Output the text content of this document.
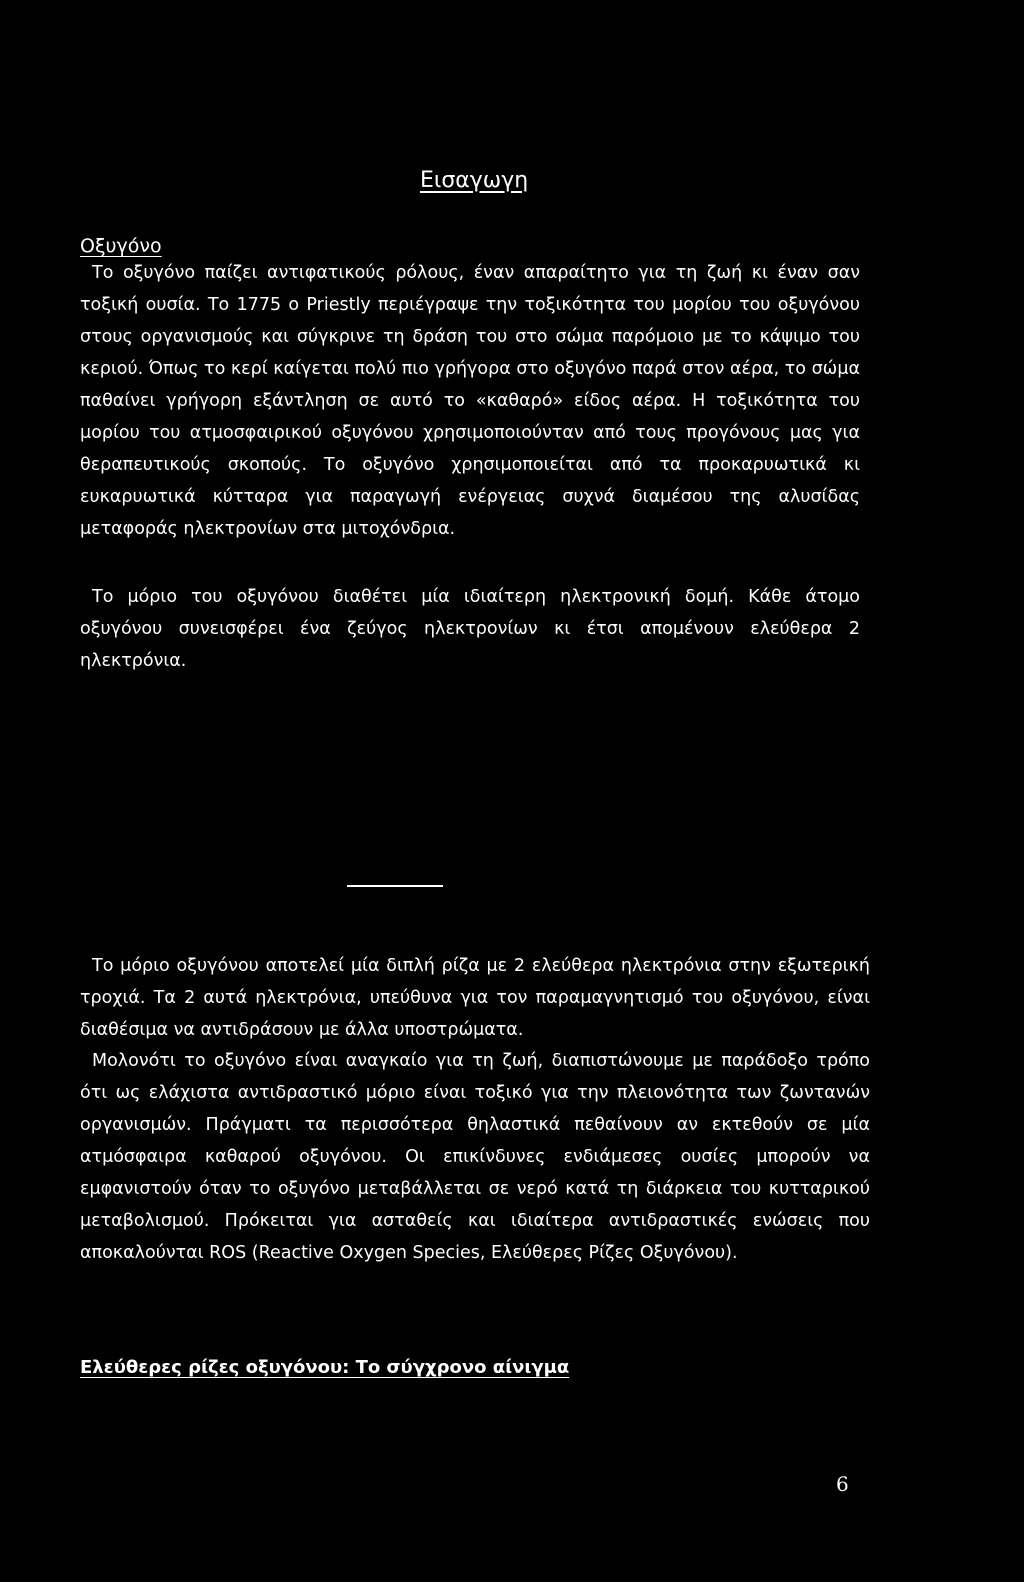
Εισαγωγη
Οξυγόνο

Το οξυγόνο παίζει αντιφατικούς ρόλους, έναν απαραίτητο για τη ζωή κι έναν σαν τοξική ουσία. Το 1775 ο Priestly περιέγραψε την τοξικότητα του μορίου του οξυγόνου στους οργανισμούς και σύγκρινε τη δράση του στο σώμα παρόμοιο με το κάψιμο του κεριού. Όπως το κερί καίγεται πολύ πιο γρήγορα στο οξυγόνο παρά στον αέρα, το σώμα παθαίνει γρήγορη εξάντληση σε αυτό το «καθαρό» είδος αέρα. Η τοξικότητα του μορίου του ατμοσφαιρικού οξυγόνου χρησιμοποιούνταν από τους προγόνους μας για θεραπευτικούς σκοπούς. Το οξυγόνο χρησιμοποιείται από τα προκαρυωτικά κι ευκαρυωτικά κύτταρα για παραγωγή ενέργειας συχνά διαμέσου της αλυσίδας μεταφοράς ηλεκτρονίων στα μιτοχόνδρια.

Το μόριο του οξυγόνου διαθέτει μία ιδιαίτερη ηλεκτρονική δομή. Κάθε άτομο οξυγόνου συνεισφέρει ένα ζεύγος ηλεκτρονίων κι έτσι απομένουν ελεύθερα 2 ηλεκτρόνια.

Το μόριο οξυγόνου αποτελεί μία διπλή ρίζα με 2 ελεύθερα ηλεκτρόνια στην εξωτερική τροχιά. Τα 2 αυτά ηλεκτρόνια, υπεύθυνα για τον παραμαγνητισμό του οξυγόνου, είναι διαθέσιμα να αντιδράσουν με άλλα υποστρώματα.

Μολονότι το οξυγόνο είναι αναγκαίο για τη ζωή, διαπιστώνουμε με παράδοξο τρόπο ότι ως ελάχιστα αντιδραστικό μόριο είναι τοξικό για την πλειονότητα των ζωντανών οργανισμών. Πράγματι τα περισσότερα θηλαστικά πεθαίνουν αν εκτεθούν σε μία ατμόσφαιρα καθαρού οξυγόνου. Οι επικίνδυνες ενδιάμεσες ουσίες μπορούν να εμφανιστούν όταν το οξυγόνο μεταβάλλεται σε νερό κατά τη διάρκεια του κυτταρικού μεταβολισμού. Πρόκειται για ασταθείς και ιδιαίτερα αντιδραστικές ενώσεις που αποκαλούνται ROS (Reactive Oxygen Species, Ελεύθερες Ρίζες Οξυγόνου).

Ελεύθερες ρίζες οξυγόνου: Το σύγχρονο αίνιγμα
6
